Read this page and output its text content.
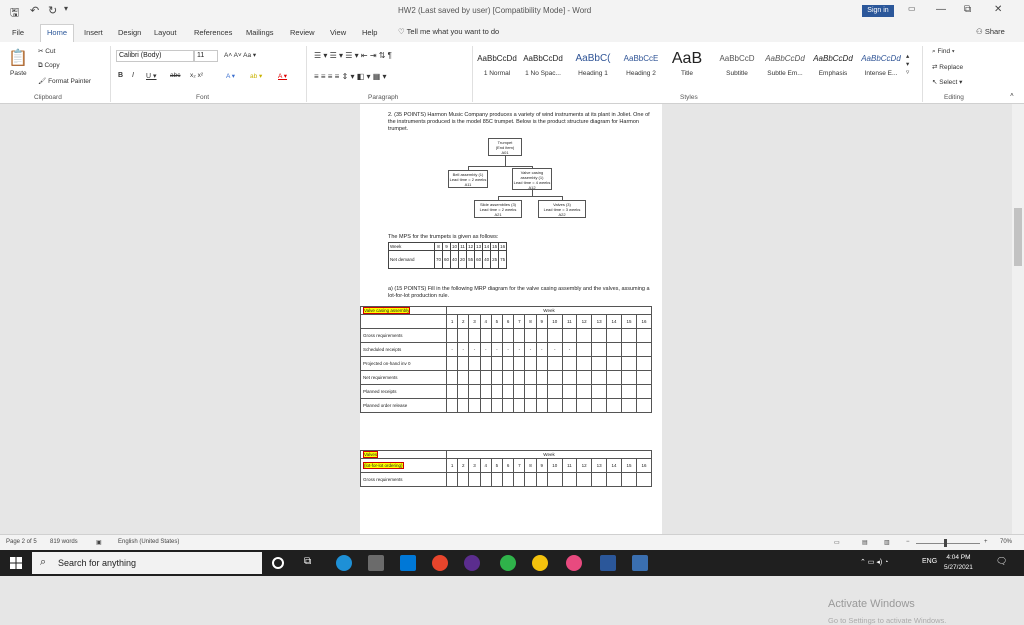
🖫 ↶ ↻ ▾	HW2 (Last saved by user) [Compatibility Mode] - Word	Sign in	▭ — ⧉ ✕
File	Home	Insert Design Layout References Mailings Review View Help	♡ Tell me what you want to do	⚇ Share
📋
Paste
✂ Cut
⧉ Copy
🖌 Format Painter
Clipboard
Calibri (Body)	11	A˄ A˅ Aa ▾
B I U ▾ abc x₂ x²	A ▾ ab ▾ A ▾
Font
☰ ▾ ☰ ▾ ☰ ▾ ⇤ ⇥ ⇅ ¶
≡ ≡ ≡ ≡ ⇕ ▾ ◧ ▾ ▦ ▾
Paragraph
AaBbCcDd
1 Normal
AaBbCcDd
1 No Spac...
AaBbC(
Heading 1
AaBbCcE
Heading 2
AaB
Title
AaBbCcD
Subtitle
AaBbCcDd
Subtle Em...
AaBbCcDd
Emphasis
AaBbCcDd
Intense E...
▴
▾
▿
Styles
⌕ Find ▾
⇄ Replace
↖ Select ▾
Editing	˄
2. (35 POINTS) Harmon Music Company produces a variety of wind instruments at its plant in Joliet. One of the instruments produced is the model 85C trumpet. Below is the product structure diagram for Harmon trumpet.
Trumpet
(End item)
A01
Bell assembly (1)
Lead time = 2 weeks
A11
Valve casing
assembly (1)
Lead time = 4 weeks
A12
Slide assemblies (3)
Lead time = 2 weeks
A21
Valves (3)
Lead time = 3 weeks
A22
The MPS for the trumpets is given as follows:
Week	8	9	10	11	12	13	14	15	16
Net demand	70	60	40	20	55	60	40	25	75
a) (15 POINTS) Fill in the following MRP diagram for the valve casing assembly and the valves, assuming a lot-for-lot production rule.
Valve casing assembly	Week															
	1	2	3	4	5	6	7	8	9	10	11	12	13	14	15	16
Gross requirements																
Scheduled receipts	-	-	-	-	-	-	-	-	-	-	-					
Projected on-hand inv 0																
Net requirements																
Planned receipts																
Planned order release																
Valves	Week															
(lot-for-lot ordering)	1	2	3	4	5	6	7	8	9	10	11	12	13	14	15	16
Gross requirements																
Activate Windows
Go to Settings to activate Windows.
Page 2 of 5 819 words	▣	English (United States)	▭	▤	▥	−	+ 70%
⌕ Search for anything	⧉	⌃ ▭ ◂) ◔	ENG
4:04 PM
5/27/2021
🗨
